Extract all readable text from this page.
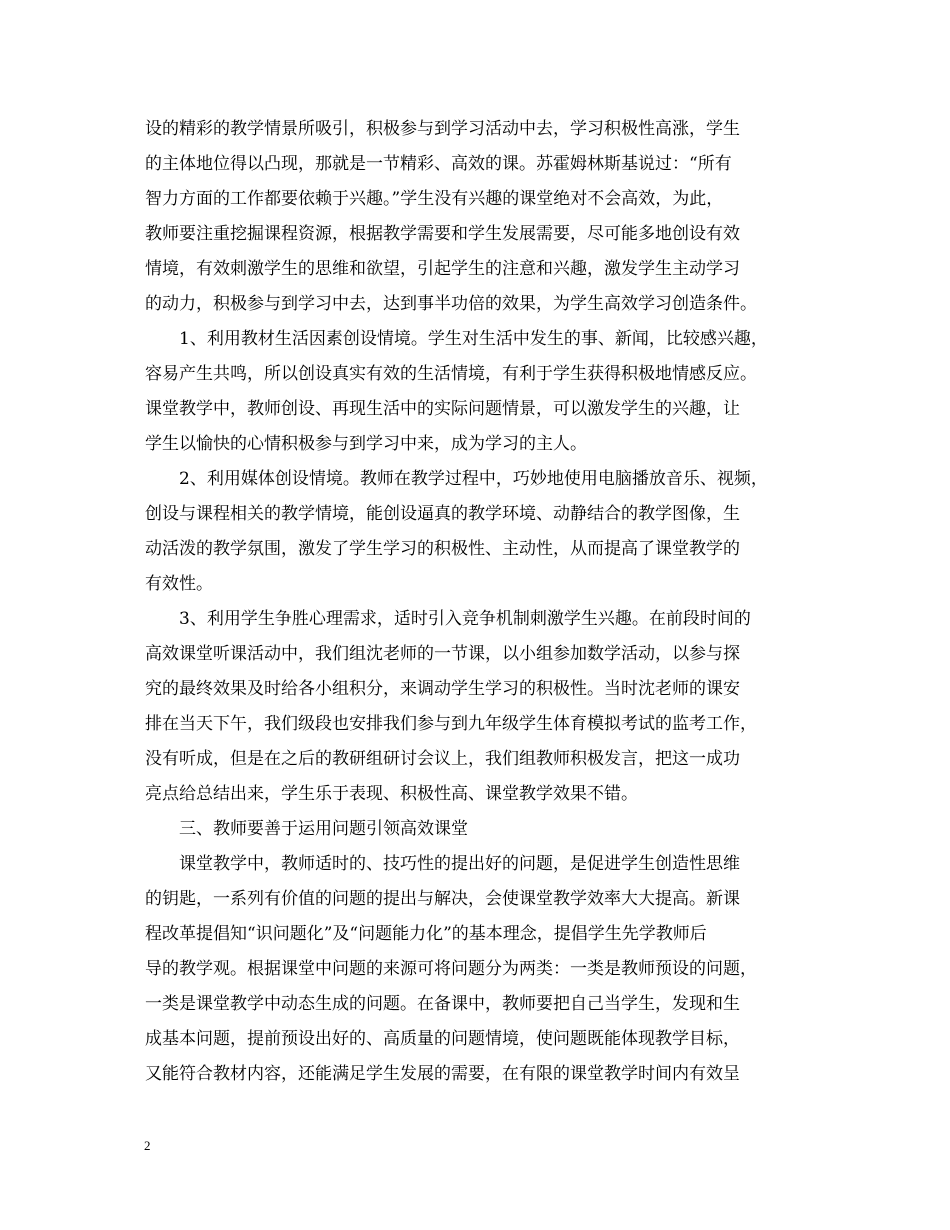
设的精彩的教学情景所吸引，积极参与到学习活动中去，学习积极性高涨，学生
的主体地位得以凸现，那就是一节精彩、高效的课。苏霍姆林斯基说过：“所有
智力方面的工作都要依赖于兴趣。”学生没有兴趣的课堂绝对不会高效，为此，
教师要注重挖掘课程资源，根据教学需要和学生发展需要，尽可能多地创设有效
情境，有效刺激学生的思维和欲望，引起学生的注意和兴趣，激发学生主动学习
的动力，积极参与到学习中去，达到事半功倍的效果，为学生高效学习创造条件。
1、利用教材生活因素创设情境。学生对生活中发生的事、新闻，比较感兴趣，
容易产生共鸣，所以创设真实有效的生活情境，有利于学生获得积极地情感反应。
课堂教学中，教师创设、再现生活中的实际问题情景，可以激发学生的兴趣，让
学生以愉快的心情积极参与到学习中来，成为学习的主人。
2、利用媒体创设情境。教师在教学过程中，巧妙地使用电脑播放音乐、视频，
创设与课程相关的教学情境，能创设逼真的教学环境、动静结合的教学图像，生
动活泼的教学氛围，激发了学生学习的积极性、主动性，从而提高了课堂教学的
有效性。
3、利用学生争胜心理需求，适时引入竞争机制刺激学生兴趣。在前段时间的
高效课堂听课活动中，我们组沈老师的一节课，以小组参加数学活动，以参与探
究的最终效果及时给各小组积分，来调动学生学习的积极性。当时沈老师的课安
排在当天下午，我们级段也安排我们参与到九年级学生体育模拟考试的监考工作，
没有听成，但是在之后的教研组研讨会议上，我们组教师积极发言，把这一成功
亮点给总结出来，学生乐于表现、积极性高、课堂教学效果不错。
三、教师要善于运用问题引领高效课堂
课堂教学中，教师适时的、技巧性的提出好的问题，是促进学生创造性思维
的钥匙，一系列有价值的问题的提出与解决，会使课堂教学效率大大提高。新课
程改革提倡知“识问题化”及“问题能力化”的基本理念，提倡学生先学教师后
导的教学观。根据课堂中问题的来源可将问题分为两类：一类是教师预设的问题，
一类是课堂教学中动态生成的问题。在备课中，教师要把自己当学生，发现和生
成基本问题，提前预设出好的、高质量的问题情境，使问题既能体现教学目标，
又能符合教材内容，还能满足学生发展的需要，在有限的课堂教学时间内有效呈
2
